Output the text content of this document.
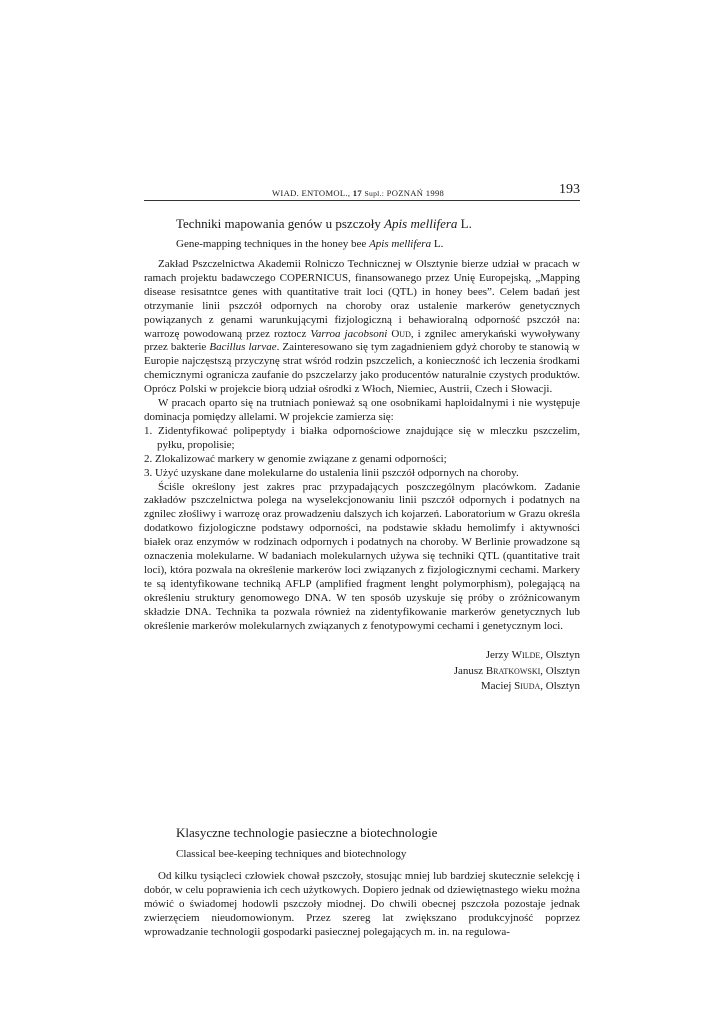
WIAD. ENTOMOL., 17 Supl.: POZNAŃ 1998	193
Techniki mapowania genów u pszczoły Apis mellifera L.
Gene-mapping techniques in the honey bee Apis mellifera L.

Zakład Pszczelnictwa Akademii Rolniczo Technicznej w Olsztynie bierze udział w pracach w ramach projektu badawczego COPERNICUS, finansowanego przez Unię Europejską, „Mapping disease resisatntce genes with quantitative trait loci (QTL) in honey bees”. Celem badań jest otrzymanie linii pszczół odpornych na choroby oraz ustalenie markerów genetycznych powiązanych z genami warunkującymi fizjologiczną i behawioralną odporność pszczół na: warrozę powodowaną przez roztocz Varroa jacobsoni Oud, i zgnilec amerykański wywoływany przez bakterie Bacillus larvae. Zainteresowano się tym zagadnieniem gdyż choroby te stanowią w Europie najczęstszą przyczynę strat wśród rodzin pszczelich, a konieczność ich leczenia środkami chemicznymi ogranicza zaufanie do pszczelarzy jako producentów naturalnie czystych produktów. Oprócz Polski w projekcie biorą udział ośrodki z Włoch, Niemiec, Austrii, Czech i Słowacji.

W pracach oparto się na trutniach ponieważ są one osobnikami haploidalnymi i nie występuje dominacja pomiędzy allelami. W projekcie zamierza się:

1. Zidentyfikować polipeptydy i białka odpornościowe znajdujące się w mleczku pszczelim, pyłku, propolisie;
2. Zlokalizować markery w genomie związane z genami odporności;
3. Użyć uzyskane dane molekularne do ustalenia linii pszczół odpornych na choroby.

Ściśle określony jest zakres prac przypadających poszczególnym placówkom. Zadanie zakładów pszczelnictwa polega na wyselekcjonowaniu linii pszczół odpornych i podatnych na zgnilec złośliwy i warrozę oraz prowadzeniu dalszych ich kojarzeń. Laboratorium w Grazu określa dodatkowo fizjologiczne podstawy odporności, na podstawie składu hemolimfy i aktywności białek oraz enzymów w rodzinach odpornych i podatnych na choroby. W Berlinie prowadzone są oznaczenia molekularne. W badaniach molekularnych używa się techniki QTL (quantitative trait loci), która pozwala na określenie markerów loci związanych z fizjologicznymi cechami. Markery te są identyfikowane techniką AFLP (amplified fragment lenght polymorphism), polegającą na określeniu struktury genomowego DNA. W ten sposób uzyskuje się próby o zróżnicowanym składzie DNA. Technika ta pozwala również na zidentyfikowanie markerów genetycznych lub określenie markerów molekularnych związanych z fenotypowymi cechami i genetycznym loci.

Jerzy Wilde, Olsztyn
Janusz Bratkowski, Olsztyn
Maciej Siuda, Olsztyn
Klasyczne technologie pasieczne a biotechnologie
Classical bee-keeping techniques and biotechnology

Od kilku tysiącleci człowiek chował pszczoły, stosując mniej lub bardziej skutecznie selekcję i dobór, w celu poprawienia ich cech użytkowych. Dopiero jednak od dziewiętnastego wieku można mówić o świadomej hodowli pszczoły miodnej. Do chwili obecnej pszczoła pozostaje jednak zwierzęciem nieudomowionym. Przez szereg lat zwiększano produkcyjność poprzez wprowadzanie technologii gospodarki pasiecznej polegających m. in. na regulowa-
